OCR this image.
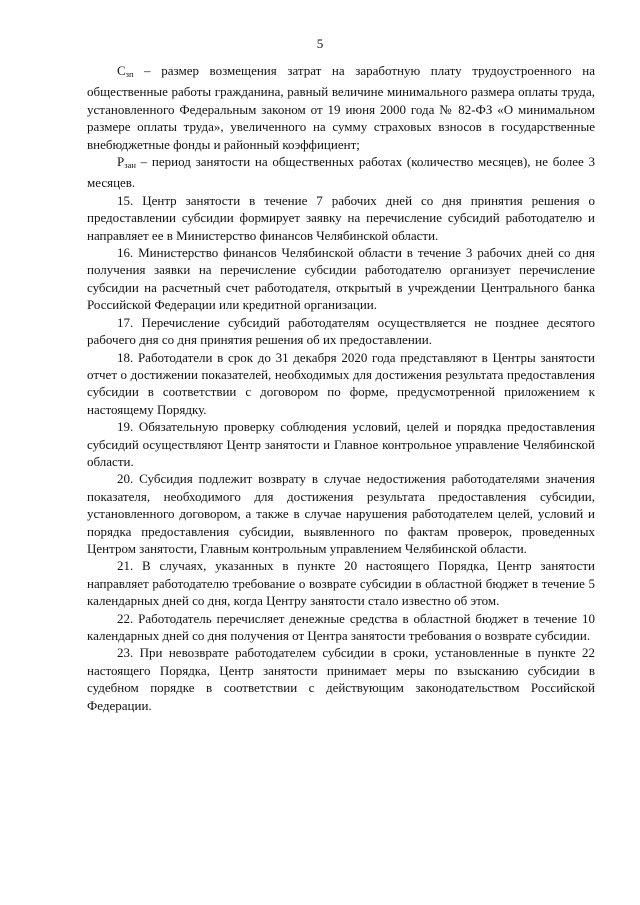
5

$С_{зп}$ – размер возмещения затрат на заработную плату трудоустроенного на общественные работы гражданина, равный величине минимального размера оплаты труда, установленного Федеральным законом от 19 июня 2000 года № 82-ФЗ «О минимальном размере оплаты труда», увеличенного на сумму страховых взносов в государственные внебюджетные фонды и районный коэффициент;

$Р_{зан}$ – период занятости на общественных работах (количество месяцев), не более 3 месяцев.

15. Центр занятости в течение 7 рабочих дней со дня принятия решения о предоставлении субсидии формирует заявку на перечисление субсидий работодателю и направляет ее в Министерство финансов Челябинской области.

16. Министерство финансов Челябинской области в течение 3 рабочих дней со дня получения заявки на перечисление субсидии работодателю организует перечисление субсидии на расчетный счет работодателя, открытый в учреждении Центрального банка Российской Федерации или кредитной организации.

17. Перечисление субсидий работодателям осуществляется не позднее десятого рабочего дня со дня принятия решения об их предоставлении.

18. Работодатели в срок до 31 декабря 2020 года представляют в Центры занятости отчет о достижении показателей, необходимых для достижения результата предоставления субсидии в соответствии с договором по форме, предусмотренной приложением к настоящему Порядку.

19. Обязательную проверку соблюдения условий, целей и порядка предоставления субсидий осуществляют Центр занятости и Главное контрольное управление Челябинской области.

20. Субсидия подлежит возврату в случае недостижения работодателями значения показателя, необходимого для достижения результата предоставления субсидии, установленного договором, а также в случае нарушения работодателем целей, условий и порядка предоставления субсидии, выявленного по фактам проверок, проведенных Центром занятости, Главным контрольным управлением Челябинской области.

21. В случаях, указанных в пункте 20 настоящего Порядка, Центр занятости направляет работодателю требование о возврате субсидии в областной бюджет в течение 5 календарных дней со дня, когда Центру занятости стало известно об этом.

22. Работодатель перечисляет денежные средства в областной бюджет в течение 10 календарных дней со дня получения от Центра занятости требования о возврате субсидии.

23. При невозврате работодателем субсидии в сроки, установленные в пункте 22 настоящего Порядка, Центр занятости принимает меры по взысканию субсидии в судебном порядке в соответствии с действующим законодательством Российской Федерации.
